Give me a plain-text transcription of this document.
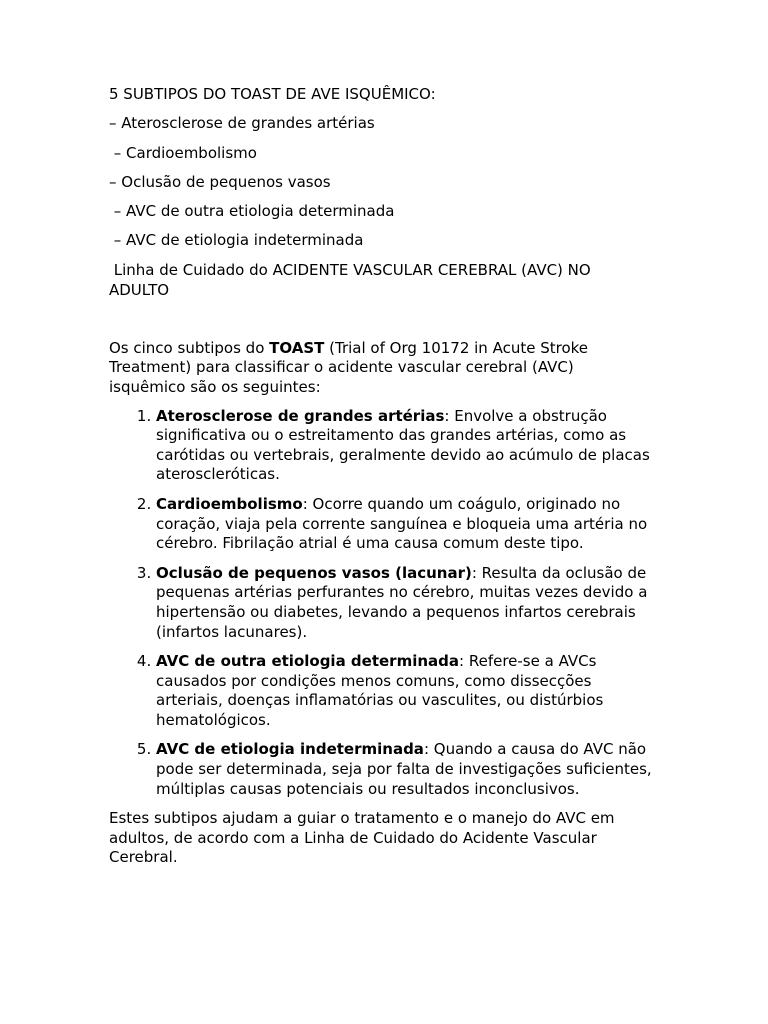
5 SUBTIPOS DO TOAST DE AVE ISQUÊMICO:

– Aterosclerose de grandes artérias

– Cardioembolismo

– Oclusão de pequenos vasos

– AVC de outra etiologia determinada

– AVC de etiologia indeterminada

Linha de Cuidado do ACIDENTE VASCULAR CEREBRAL (AVC) NO

ADULTO

Os cinco subtipos do TOAST (Trial of Org 10172 in Acute Stroke Treatment) para classificar o acidente vascular cerebral (AVC) isquêmico são os seguintes:

1. Aterosclerose de grandes artérias: Envolve a obstrução significativa ou o estreitamento das grandes artérias, como as carótidas ou vertebrais, geralmente devido ao acúmulo de placas ateroscleróticas.
2. Cardioembolismo: Ocorre quando um coágulo, originado no coração, viaja pela corrente sanguínea e bloqueia uma artéria no cérebro. Fibrilação atrial é uma causa comum deste tipo.
3. Oclusão de pequenos vasos (lacunar): Resulta da oclusão de pequenas artérias perfurantes no cérebro, muitas vezes devido a hipertensão ou diabetes, levando a pequenos infartos cerebrais (infartos lacunares).
4. AVC de outra etiologia determinada: Refere-se a AVCs causados por condições menos comuns, como dissecções arteriais, doenças inflamatórias ou vasculites, ou distúrbios hematológicos.
5. AVC de etiologia indeterminada: Quando a causa do AVC não pode ser determinada, seja por falta de investigações suficientes, múltiplas causas potenciais ou resultados inconclusivos.

Estes subtipos ajudam a guiar o tratamento e o manejo do AVC em adultos, de acordo com a Linha de Cuidado do Acidente Vascular Cerebral.
